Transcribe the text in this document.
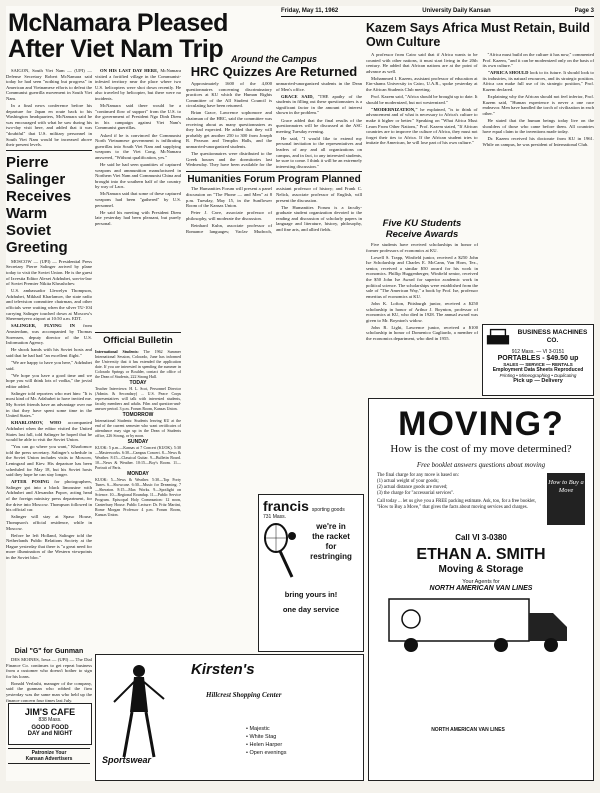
Friday, May 11, 1962	University Daily Kansan	Page 3
McNamara Pleased After Viet Nam Trip

SAIGON, South Viet Nam — (UPI) — Defense Secretary Robert McNamara said today he had seen "nothing but progress" in American and Vietnamese efforts to defeat the Communist guerrilla movement in South Viet Nam.

In a final news conference before his departure for Japan en route back to his Washington headquarters, McNamara said he was encouraged with what he saw during his two-day visit here, and added that it was "doubtful" that U.S. military personnel in South Viet Nam would be increased above their present levels.

Pierre Salinger Receives Warm Soviet Greeting

MOSCOW — (UPI) — Presidential Press Secretary Pierre Salinger arrived by plane today to visit the Soviet Union. He is the guest of Izvestia Editor Alexei Adzhubei, son-in-law of Soviet Premier Nikita Khrushchev.

U.S. ambassador Llewelyn Thompson, Adzhubei, Mikhail Kharlamov, the state radio and television committee chairman, and other officials were waiting when the silver TU-104 carrying Salinger touched down at Moscow's Sheremetyevo airport at 10:50 a.m. EDT.

SALINGER, FLYING IN from Amsterdam, was accompanied by Thomas Sorensen, deputy director of the U.S. Information Agency.

He shook hands with his Soviet hosts and said that he had had "an excellent flight."

"We are happy to have you here," Adzhubei said.

"We hope you have a good time and we hope you will think lots of vodka," the jovial editor added.

Salinger told reporters who met him: "It is most kind of Mr. Adzhubei to have invited me. My Soviet friends have an advantage over me in that they have spent some time in the United States."

KHARLOMOV, WHO accompanied Adzhubei when the editor visited the United States last fall, told Salinger he hoped that he would be able to visit the Soviet Union.

"You can go where you want," Kharlomov told the press secretary. Salinger's schedule in the Soviet Union includes visits to Moscow, Leningrad and Kiev. His departure has been scheduled for May 18, but his Soviet hosts said they hope he can stay longer.

AFTER POSING for photographers, Salinger got into a black limousine with Adzhubei and Alexandra Popov, acting head of the foreign ministry press department, for the drive into Moscow. Thompson followed in his official car.

Salinger will stay at Spaso House, Thompson's official residence, while in Moscow.

Before he left Holland, Salinger told the Netherlands Public Relations Society at the Hague yesterday that there is "a great need for more illumination of the Western viewpoints in the Soviet bloc."

Dial "G" for Gunman

DES MOINES, Iowa — (UPI) — The Dial Finance Co. continues to get repeat business from a customer who doesn't bother to sign for his loans.

Ronald Verlasht, manager of the company, said the gunman who robbed the firm yesterday was the same man who held up the finance concern four times last July.

JIM'S CAFE
838 Mass.
GOOD FOOD
DAY and NIGHT
Patronize Your
Kansan Advertisers

ON HIS LAST DAY HERE, McNamara visited a fortified village in the Communist-infested territory near the place where two U.S. helicopters were shot down recently. He also traveled by helicopter, but there were no incidents.

McNamara said there would be a "continued flow of support" from the U.S. to the government of President Ngo Dinh Diem in his campaign against Viet Nam's Communist guerrillas.

Asked if he is convinced the Communist North Vietnamese government is infiltrating guerrillas into South Viet Nam and supplying weapons to the Viet Cong, McNamara answered, "Without qualification, yes."

He said he had seen quantities of captured weapons and ammunition manufactured in Northern Viet Nam and Communist China and brought into the southern half of the country by way of Laos.

McNamara said that some of these captured weapons had been "gathered" by U.S. personnel.

He said his meeting with President Diem late yesterday had been pleasant, but purely personal.

Official Bulletin

International Students: The 1962 Summer International Session, Colorado, June has informed the University that it has extended the application date. If you are interested in spending the summer in Colorado Springs or Boulder, contact the office of the Dean of Students, 222 Strong Hall.

TODAY

Teacher Interviews: H. L. Scot, Personnel Director (Admin. & Secondary) ... U.S. Peace Corps representatives will talk with interested students, faculty members and adults. Film and question-and-answer period. 3 p.m. Forum Room, Kansas Union.

TOMORROW

International Students: Students leaving KU at the end of the current semester who want certificates of attendance may sign up in the Dean of Students office, 226 Strong, or by noon.

SUNDAY

KUOK: 5 p.m.—Kansas at 7 Concert (KUOK). 5:30—Masterworks. 6:30—Campus Concert. 8—News & Weather. 8:15—Classical Guitar. 9—Bulletin Board. 10—News & Weather. 10:15—Boy's Room. 11—Portrait of Paris.

MONDAY

KUOK: 5—News & Weather. 5:30—Top Forty Tunes. 6—Showcase. 6:30—Music for Dreaming. 7—Sheraton. 8:15—Max Works. 9—Spotlight on Science. 10—Regional Roundup. 11—Public Service Program. Episcopal Holy Communion: 12 noon, Canterbury House. Public Lecture: Dr. Fritz Martini, Rome Morgan Professor 4 p.m. Forum Room, Kansas Union.

Around the Campus
HRC Quizzes Are Returned

Approximately 1600 of the 4,000 questionnaires concerning discriminatory practices at KU which the Human Rights Committee of the All Student Council is circulating have been returned.

Brian Grace, Lawrence sophomore and chairman of the HRC, said the committee was receiving about as many questionnaires as they had expected. He added that they will probably get another 250 to 300 from Joseph R. Pearson and Templin Halls, and the unmarried-unorganized students.

The questionnaires were distributed to the Greek houses and the dormitories last Wednesday. They have been available for the unmarried-unorganized students in the Dean of Men's office.

GRACE SAID, "THE apathy of the students in filling out these questionnaires is a significant factor in the amount of interest shown in the problem."

Grace added that the final results of the questionnaires will be discussed at the ASC meeting Tuesday evening.

He said, "I would like to extend my personal invitation to the representatives and leaders of any and all organizations on campus, and in fact, to any interested students, be sure to come. I think it will be an extremely interesting discussion."

Humanities Forum Program Planned

The Humanities Forum will present a panel discussion on "The Phone — and Men" at 8 p.m. Tuesday, May 15, in the Sunflower Room of the Kansas Union.

Peter J. Cave, associate professor of philosophy, will moderate the discussion.

Reinhard Kuhn, associate professor of Romance languages; Vaclav Mudroch, assistant professor of history; and Frank C. Nelick, associate professor of English, will present the discussion.

The Humanities Forum is a faculty-graduate student organization devoted to the reading and discussion of scholarly papers in language and literature, history, philosophy, and fine arts, and allied fields.

francis sporting goods
731 Mass.
we're in
the racket
for
restringing
bring yours in!
one day service
Kirsten's
Sportswear
Hillcrest Shopping Center
• Majestic
• White Stag
• Helen Harper
• Open evenings
Kazem Says Africa Must Retain, Build Own Culture

A professor from Cairo said that if Africa wants to be counted with other nations, it must start living in the 20th century. He added that African nations are at the point of advance as well.

Mohammed I. Kazem, assistant professor of education at Ein-shams University in Cairo, U.A.R., spoke yesterday at the African Students Club meeting.

Prof. Kazem said, "Africa should be brought up to date. It should be modernized, but not westernized."

"MODERNIZATION," he explained, "is to think of advancement and of what is necessary to Africa's culture to make it higher or better." Speaking on "What Africa Must Learn From Other Nations," Prof. Kazem stated, "If African countries are to improve the culture of Africa, they must not forget their ties to Africa. If the African student tries to imitate the American, he will lose part of his own culture."

"Africa must build on the culture it has now," commented Prof. Kazem, "and it can be modernized only on the basis of its own culture."

"AFRICA SHOULD look to its future. It should look to its industries, its natural resources, and its strategic position. Africa can make full use of its strategic position," Prof. Kazem declared.

Explaining why the African should not feel inferior, Prof. Kazem said, "Human experience is never a one race endeavor. Men have handled the torch of civilization in each other."

He stated that the human beings today live on the shoulders of those who came before them. All countries have equal claim to the inventions made today.

Dr. Kazem received his doctorate from KU in 1961. While on campus, he was president of International Club.

Five KU Students Receive Awards

Five students have received scholarships in honor of former professors of economics at KU.

Lowell S. Trapp, Winfield junior, received a $250 John Ise Scholarship and Charles E. McCann, Van Horn, Tex., senior, received a similar $50 award for his work in economics. Phillip Huggenberger, Winfield senior, received the $50 John Ise Award for superior academic work in political science. The scholarships were established from the sale of "The American Way," a book by Prof. Ise, professor emeritus of economics at KU.

John K. Lofton, Pittsburgh junior, received a $250 scholarship in honor of Arthur J. Boynton, professor of economics at KU, who died in 1928. The annual award was given to Mr. Boynton's widow.

John R. Light, Lawrence junior, received a $100 scholarship in honor of Domenico Gagliardo, a member of the economics department, who died in 1955.

BUSINESS MACHINES CO.
912 Mass. — VI 3-0151
PORTABLES - $49.50 up
SALES — SERVICE — RENTALS
Employment Data Sheets Reproduced
Printing • Mimeographing • Duplicating
Pick up — Delivery
MOVING?
How is the cost of my move determined?
Free booklet answers questions about moving
The final charge for any move is based on:
(1) actual weight of your goods;
(2) actual distance goods are moved;
(3) the charge for "accessorial services".
Call today ... let us give you a FREE packing estimate. Ask, too, for a free booklet, "How to Buy a Move," that gives the facts about moving services and charges.
How to Buy a Move
Call VI 3-0380
ETHAN A. SMITH
Moving & Storage
Your Agents for
NORTH AMERICAN VAN LINES
NORTH AMERICAN VAN LINES
